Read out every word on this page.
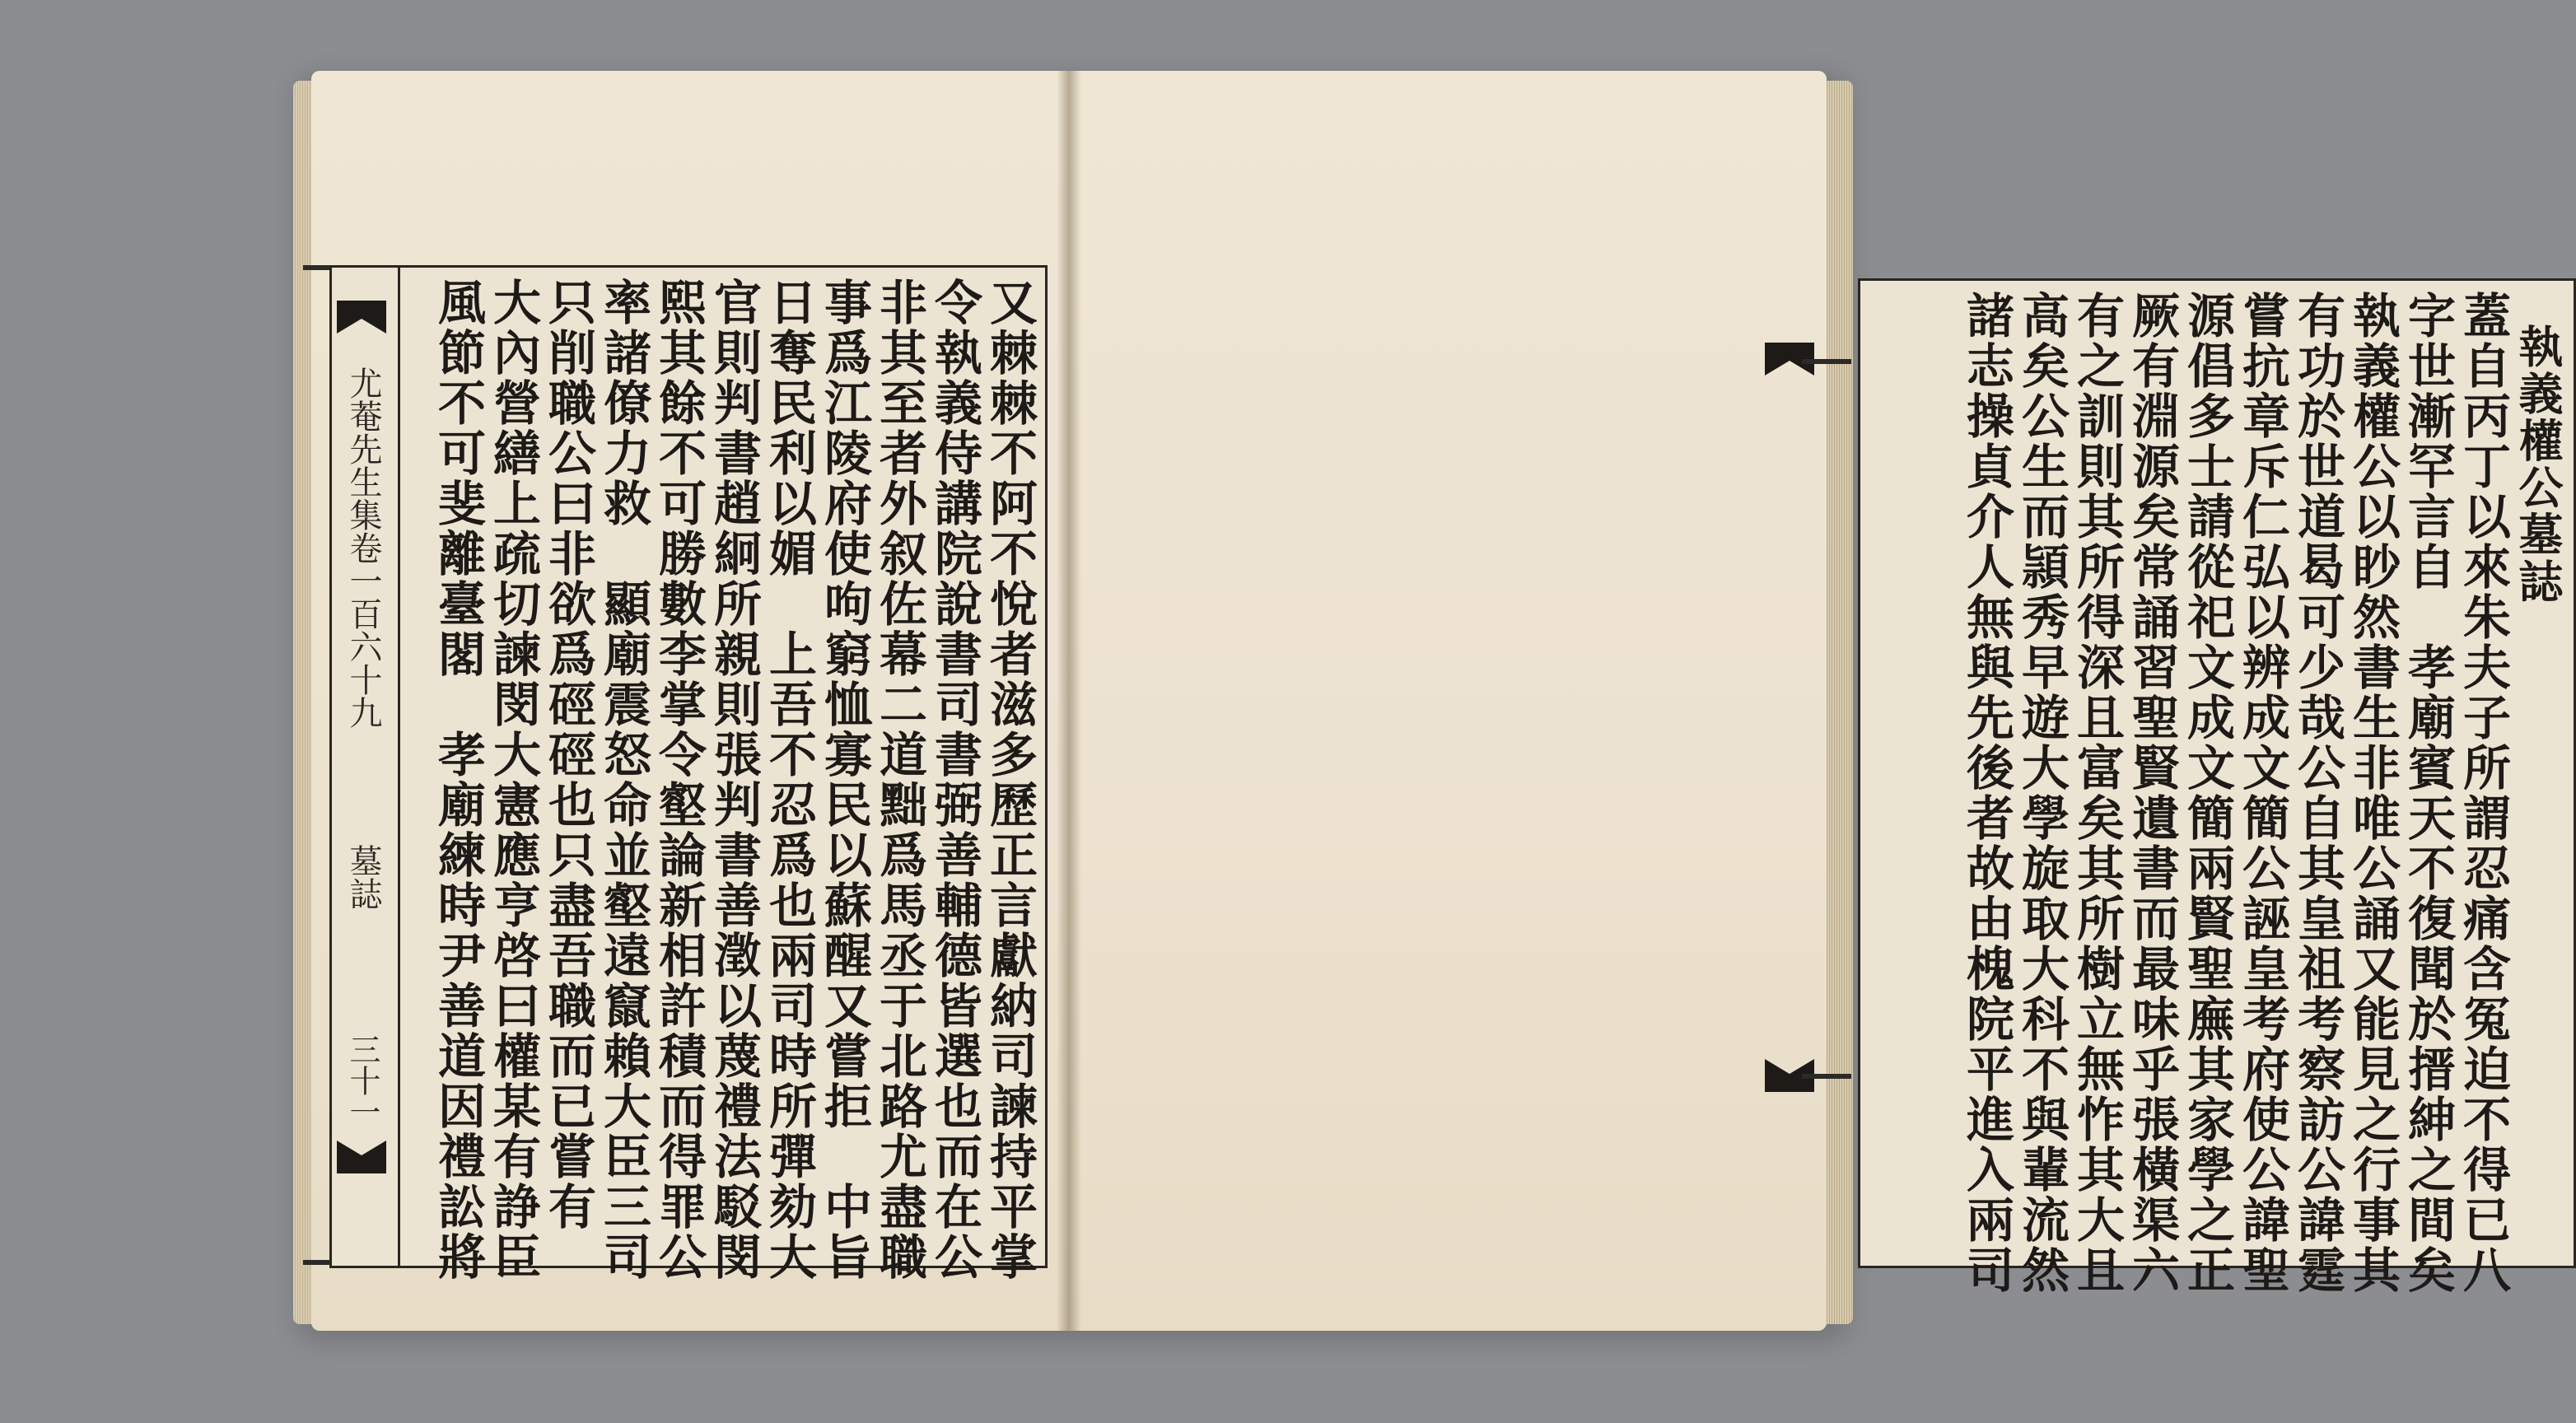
尤菴先生集卷一百六十九
墓誌
三十一	又棘棘不阿不悅者滋多歷正言獻納司諫持平掌
令執義侍講院說書司書弼善輔德皆選也而在公
非其至者外叙佐幕二道黜爲馬丞于北路尤盡職
事爲江陵府使呴窮恤寡民以蘇醒又嘗拒　中旨
日奪民利以媚　上吾不忍爲也兩司時所彈劾大
官則判書趙絅所親則張判書善澂以蔑禮法駁閔
熙其餘不可勝數李掌令壑論新相許積而得罪公
率諸僚力救　顯廟震怒命並壑遠竄賴大臣三司
只削職公曰非欲爲硜硜也只盡吾職而已嘗有
大內營繕上疏切諫閔大憲應亨啓曰權某有諍臣
風節不可斐離臺閣　孝廟練時尹善道因禮訟將	執義權公墓誌
蓋自丙丁以來朱夫子所謂忍痛含冤迫不得已八
字世漸罕言自　孝廟賓天不復聞於搢紳之間矣
執義權公以眇然書生非唯公誦又能見之行事其
有功於世道曷可少哉公自其皇祖考察訪公諱霆
嘗抗章斥仁弘以辨成文簡公誣皇考府使公諱聖
源倡多士請從祀文成文簡兩賢聖廡其家學之正
厥有淵源矣常誦習聖賢遺書而最味乎張橫渠六
有之訓則其所得深且富矣其所樹立無怍其大且
高矣公生而頴秀早遊大學旋取大科不與輩流然
諸志操貞介人無與先後者故由槐院平進入兩司
